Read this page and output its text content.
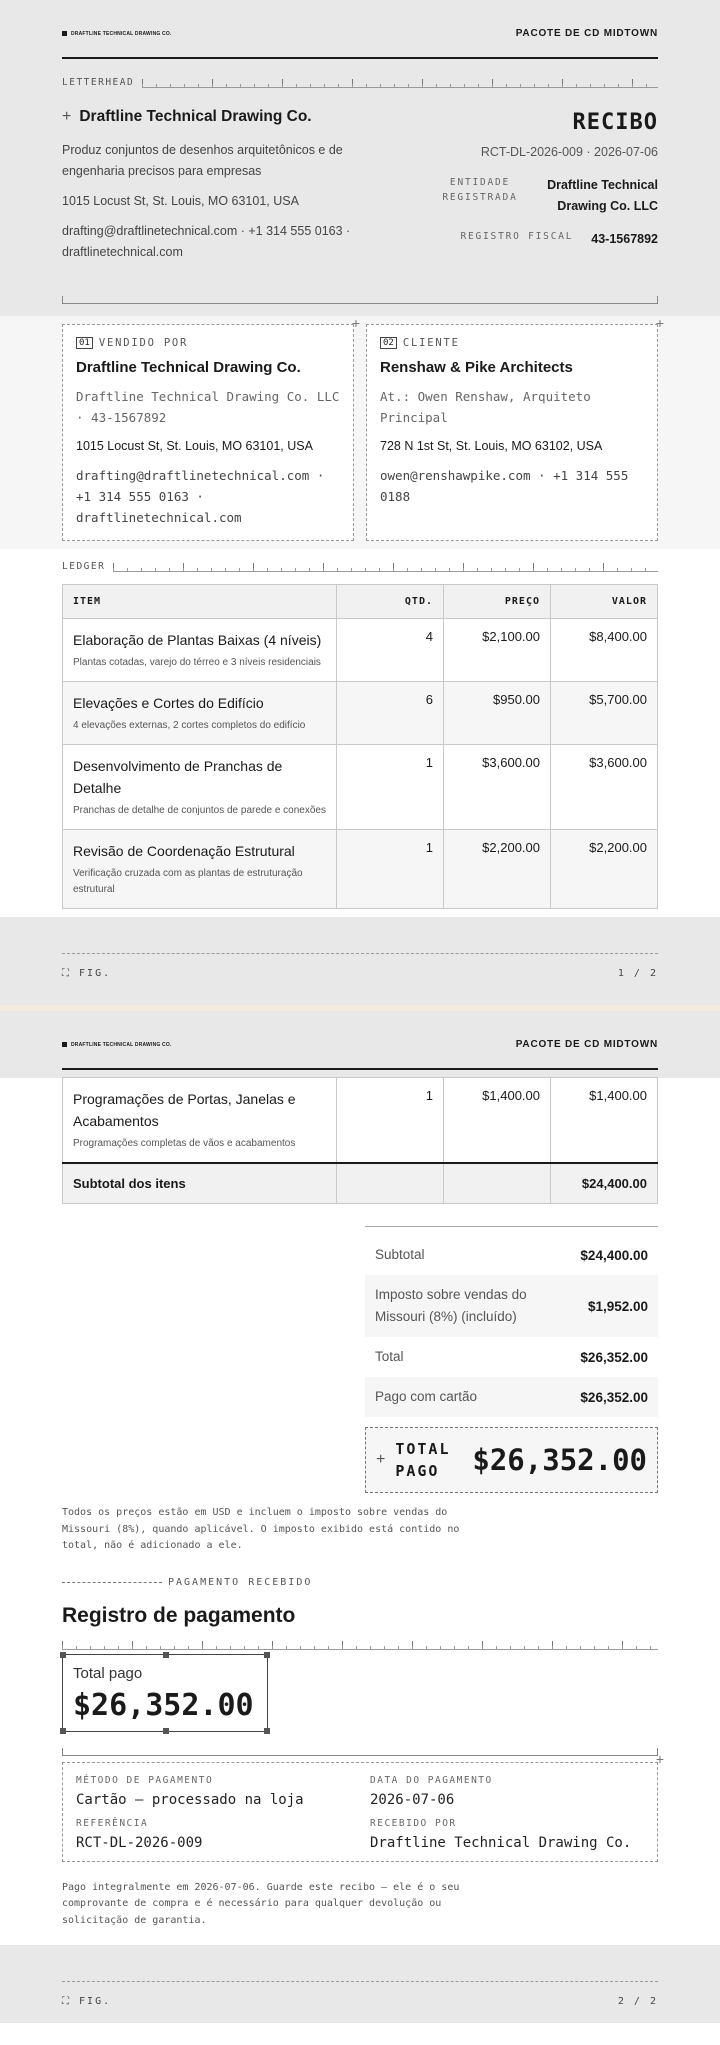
DRAFTLINE TECHNICAL DRAWING CO.	PACOTE DE CD MIDTOWN
LETTERHEAD
+ Draftline Technical Drawing Co.

Produz conjuntos de desenhos arquitetônicos e de engenharia precisos para empresas

1015 Locust St, St. Louis, MO 63101, USA

drafting@draftlinetechnical.com · +1 314 555 0163 · draftlinetechnical.com

RECIBO
RCT-DL-2026-009 · 2026-07-06
ENTIDADE REGISTRADA
Draftline Technical Drawing Co. LLC
REGISTRO FISCAL 43-1567892
+
01 VENDIDO POR
Draftline Technical Drawing Co.
Draftline Technical Drawing Co. LLC · 43-1567892
1015 Locust St, St. Louis, MO 63101, USA
drafting@draftlinetechnical.com · +1 314 555 0163 · draftlinetechnical.com
+
02 CLIENTE
Renshaw & Pike Architects
At.: Owen Renshaw, Arquiteto Principal
728 N 1st St, St. Louis, MO 63102, USA
owen@renshawpike.com · +1 314 555 0188
LEDGER
ITEM	QTD.	PREÇO	VALOR

Elaboração de Plantas Baixas (4 níveis)
Plantas cotadas, varejo do térreo e 3 níveis residenciais	4	$2,100.00	$8,400.00

Elevações e Cortes do Edifício
4 elevações externas, 2 cortes completos do edifício	6	$950.00	$5,700.00

Desenvolvimento de Pranchas de Detalhe
Pranchas de detalhe de conjuntos de parede e conexões	1	$3,600.00	$3,600.00

Revisão de Coordenação Estrutural
Verificação cruzada com as plantas de estruturação estrutural	1	$2,200.00	$2,200.00
⛶ FIG.	1 / 2
DRAFTLINE TECHNICAL DRAWING CO.	PACOTE DE CD MIDTOWN
Programações de Portas, Janelas e Acabamentos
Programações completas de vãos e acabamentos	1	$1,400.00	$1,400.00
Subtotal dos itens			$24,400.00
Subtotal	$24,400.00
Imposto sobre vendas do Missouri (8%) (incluído)
$1,952.00
Total	$26,352.00
Pago com cartão	$26,352.00
+
TOTAL PAGO	$26,352.00

Todos os preços estão em USD e incluem o imposto sobre vendas do Missouri (8%), quando aplicável. O imposto exibido está contido no total, não é adicionado a ele.

PAGAMENTO RECEBIDO
Registro de pagamento
Total pago
$26,352.00
+
MÉTODO DE PAGAMENTO
Cartão — processado na loja
DATA DO PAGAMENTO
2026-07-06
REFERÊNCIA
RCT-DL-2026-009
RECEBIDO POR
Draftline Technical Drawing Co.

Pago integralmente em 2026-07-06. Guarde este recibo — ele é o seu comprovante de compra e é necessário para qualquer devolução ou solicitação de garantia.

⛶ FIG.	2 / 2
